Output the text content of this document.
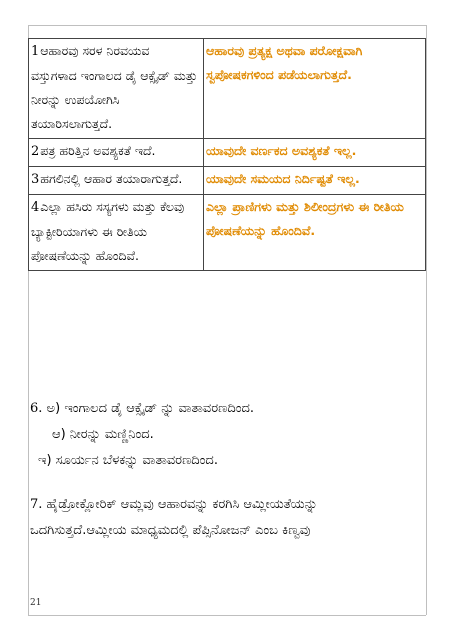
1ಆಹಾರವು ಸರಳ ನಿರವಯವ ವಸ್ತುಗಳಾದ ಇಂಗಾಲದ ಡೈ ಆಕ್ಸೈಡ್ ಮತ್ತು ನೀರನ್ನು ಉಪಯೋಗಿಸಿ ತಯಾರಿಸಲಾಗುತ್ತದೆ.	ಆಹಾರವು ಪ್ರತ್ಯಕ್ಷ ಅಥವಾ ಪರೋಕ್ಷವಾಗಿ ಸ್ವಪೋಷಕಗಳಿಂದ ಪಡೆಯಲಾಗುತ್ತದೆ.
2ಪತ್ರ ಹರಿತ್ತಿನ ಅವಶ್ಯಕತೆ ಇದೆ.	ಯಾವುದೇ ವರ್ಣಕದ ಅವಶ್ಯಕತೆ ಇಲ್ಲ.
3ಹಗಲಿನಲ್ಲಿ ಆಹಾರ ತಯಾರಾಗುತ್ತದೆ.	ಯಾವುದೇ ಸಮಯದ ನಿರ್ದಿಷ್ಟತೆ ಇಲ್ಲ.
4ಎಲ್ಲಾ ಹಸಿರು ಸಸ್ಯಗಳು ಮತ್ತು ಕೆಲವು ಬ್ಯಾಕ್ಟೀರಿಯಾಗಳು ಈ ರೀತಿಯ ಪೋಷಣೆಯನ್ನು ಹೊಂದಿವೆ.	ಎಲ್ಲಾ ಪ್ರಾಣಿಗಳು ಮತ್ತು ಶಿಲೀಂದ್ರಗಳು ಈ ರೀತಿಯ ಪೋಷಣೆಯನ್ನು ಹೊಂದಿವೆ.
6. ಅ) ಇಂಗಾಲದ ಡೈ ಆಕ್ಸೈಡ್ ನ್ನು ವಾತಾವರಣದಿಂದ.
ಆ) ನೀರನ್ನು ಮಣ್ಣಿನಿಂದ.
ಇ) ಸೂರ್ಯನ ಬೆಳಕನ್ನು ವಾತಾವರಣದಿಂದ.
7. ಹೈಡ್ರೋಕ್ಲೋರಿಕ್ ಆಮ್ಲವು ಆಹಾರವನ್ನು ಕರಗಿಸಿ ಆಮ್ಲೀಯತೆಯನ್ನು
ಒದಗಿಸುತ್ತದೆ.ಆಮ್ಲೀಯ ಮಾಧ್ಯಮದಲ್ಲಿ ಪೆಪ್ಸಿನೋಜನ್ ಎಂಬ ಕಿಣ್ವವು
21
